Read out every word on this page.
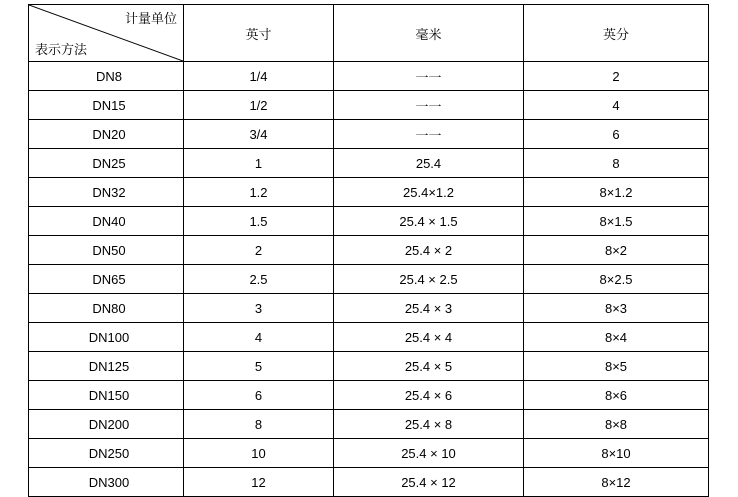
计量单位
表示方法	英寸	毫米	英分
DN8	1/4	一一	2
DN15	1/2	一一	4
DN20	3/4	一一	6
DN25	1	25.4	8
DN32	1.2	25.4×1.2	8×1.2
DN40	1.5	25.4 × 1.5	8×1.5
DN50	2	25.4 × 2	8×2
DN65	2.5	25.4 × 2.5	8×2.5
DN80	3	25.4 × 3	8×3
DN100	4	25.4 × 4	8×4
DN125	5	25.4 × 5	8×5
DN150	6	25.4 × 6	8×6
DN200	8	25.4 × 8	8×8
DN250	10	25.4 × 10	8×10
DN300	12	25.4 × 12	8×12
